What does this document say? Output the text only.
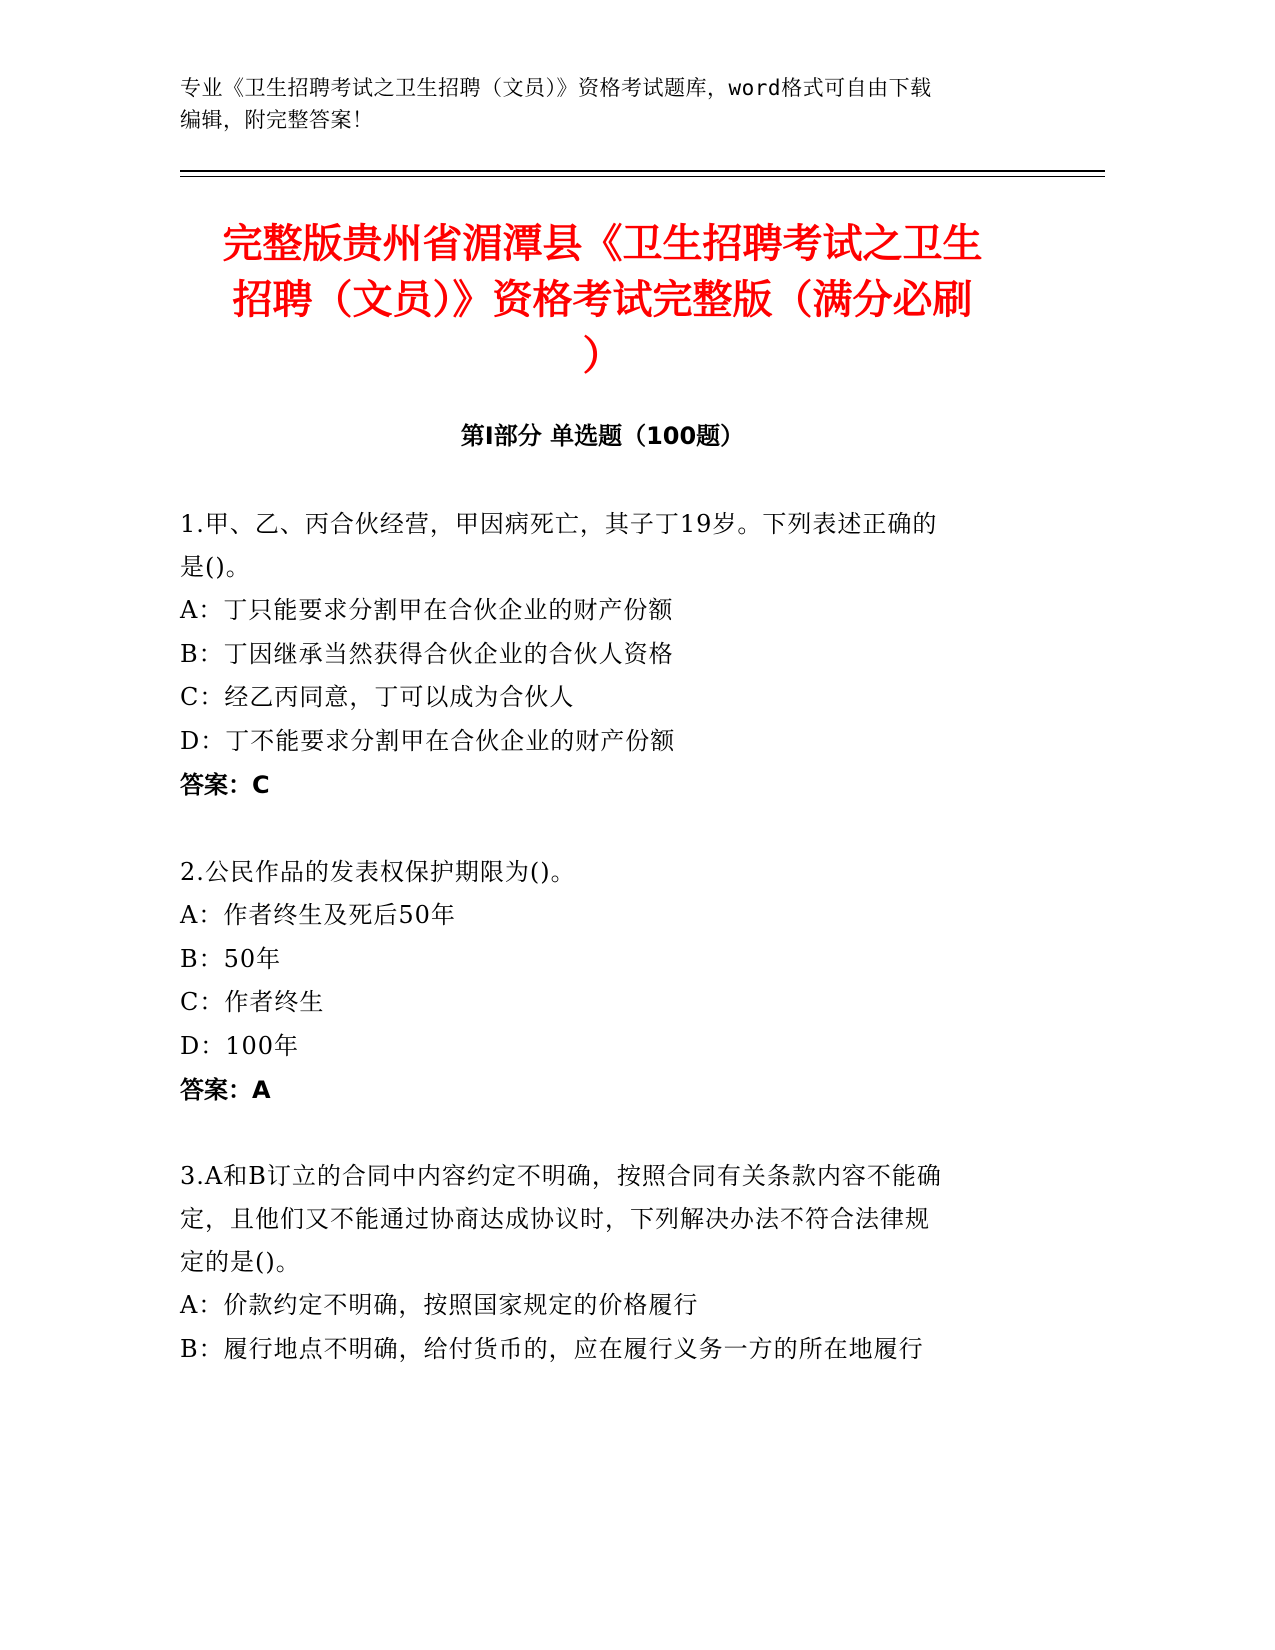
专业《卫生招聘考试之卫生招聘（文员）》资格考试题库，word格式可自由下载
编辑，附完整答案！
完整版贵州省湄潭县《卫生招聘考试之卫生
招聘（文员）》资格考试完整版（满分必刷
）
第Ⅰ部分 单选题（100题）
1.甲、乙、丙合伙经营，甲因病死亡，其子丁19岁。下列表述正确的
是()。
A：丁只能要求分割甲在合伙企业的财产份额
B：丁因继承当然获得合伙企业的合伙人资格
C：经乙丙同意，丁可以成为合伙人
D：丁不能要求分割甲在合伙企业的财产份额
答案：C
2.公民作品的发表权保护期限为()。
A：作者终生及死后50年
B：50年
C：作者终生
D：100年
答案：A
3.A和B订立的合同中内容约定不明确，按照合同有关条款内容不能确
定，且他们又不能通过协商达成协议时，下列解决办法不符合法律规
定的是()。
A：价款约定不明确，按照国家规定的价格履行
B：履行地点不明确，给付货币的，应在履行义务一方的所在地履行
